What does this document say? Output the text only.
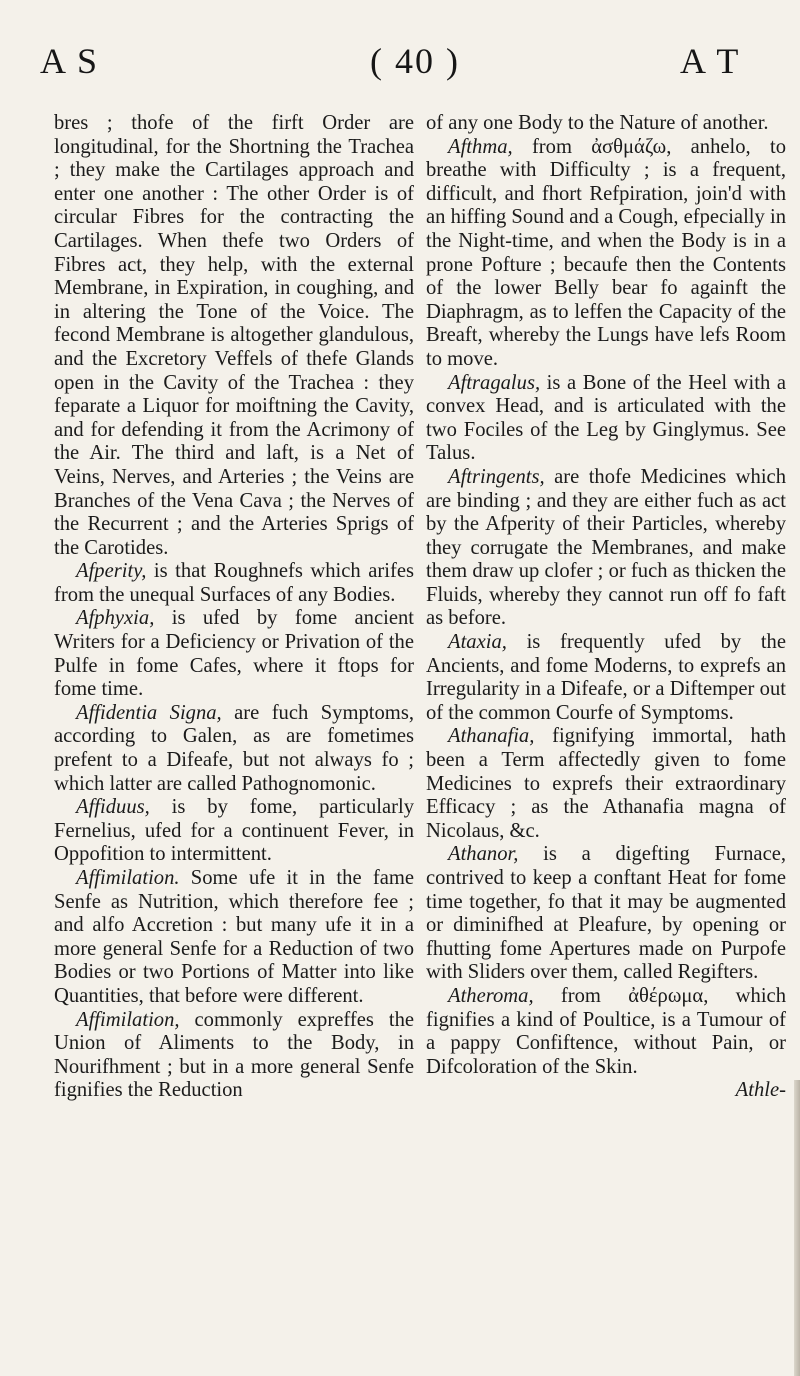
A S	( 40 )	A T

bres ; thofe of the firft Order are longitudinal, for the Shortning the Trachea ; they make the Cartilages approach and enter one another : The other Order is of circular Fibres for the contracting the Cartilages. When thefe two Orders of Fibres act, they help, with the external Membrane, in Expiration, in coughing, and in altering the Tone of the Voice. The fecond Membrane is altogether glandulous, and the Excretory Veffels of thefe Glands open in the Cavity of the Trachea : they feparate a Liquor for moiftning the Cavity, and for defending it from the Acrimony of the Air. The third and laft, is a Net of Veins, Nerves, and Arteries ; the Veins are Branches of the Vena Cava ; the Nerves of the Recurrent ; and the Arteries Sprigs of the Carotides.

Afperity, is that Roughnefs which arifes from the unequal Surfaces of any Bodies.

Afphyxia, is ufed by fome ancient Writers for a Deficiency or Privation of the Pulfe in fome Cafes, where it ftops for fome time.

Affidentia Signa, are fuch Symptoms, according to Galen, as are fometimes prefent to a Difeafe, but not always fo ; which latter are called Pathognomonic.

Affiduus, is by fome, particularly Fernelius, ufed for a continuent Fever, in Oppofition to intermittent.

Affimilation. Some ufe it in the fame Senfe as Nutrition, which therefore fee ; and alfo Accretion : but many ufe it in a more general Senfe for a Reduction of two Bodies or two Portions of Matter into like Quantities, that before were different.

Affimilation, commonly expreffes the Union of Aliments to the Body, in Nourifhment ; but in a more general Senfe fignifies the Reduction

of any one Body to the Nature of another.

Afthma, from ἀσθμάζω, anhelo, to breathe with Difficulty ; is a frequent, difficult, and fhort Refpiration, join'd with an hiffing Sound and a Cough, efpecially in the Night-time, and when the Body is in a prone Pofture ; becaufe then the Contents of the lower Belly bear fo againft the Diaphragm, as to leffen the Capacity of the Breaft, whereby the Lungs have lefs Room to move.

Aftragalus, is a Bone of the Heel with a convex Head, and is articulated with the two Fociles of the Leg by Ginglymus. See Talus.

Aftringents, are thofe Medicines which are binding ; and they are either fuch as act by the Afperity of their Particles, whereby they corrugate the Membranes, and make them draw up clofer ; or fuch as thicken the Fluids, whereby they cannot run off fo faft as before.

Ataxia, is frequently ufed by the Ancients, and fome Moderns, to exprefs an Irregularity in a Difeafe, or a Diftemper out of the common Courfe of Symptoms.

Athanafia, fignifying immortal, hath been a Term affectedly given to fome Medicines to exprefs their extraordinary Efficacy ; as the Athanafia magna of Nicolaus, &c.

Athanor, is a digefting Furnace, contrived to keep a conftant Heat for fome time together, fo that it may be augmented or diminifhed at Pleafure, by opening or fhutting fome Apertures made on Purpofe with Sliders over them, called Regifters.

Atheroma, from ἀθέρωμα, which fignifies a kind of Poultice, is a Tumour of a pappy Confiftence, without Pain, or Difcoloration of the Skin.

Athle-
